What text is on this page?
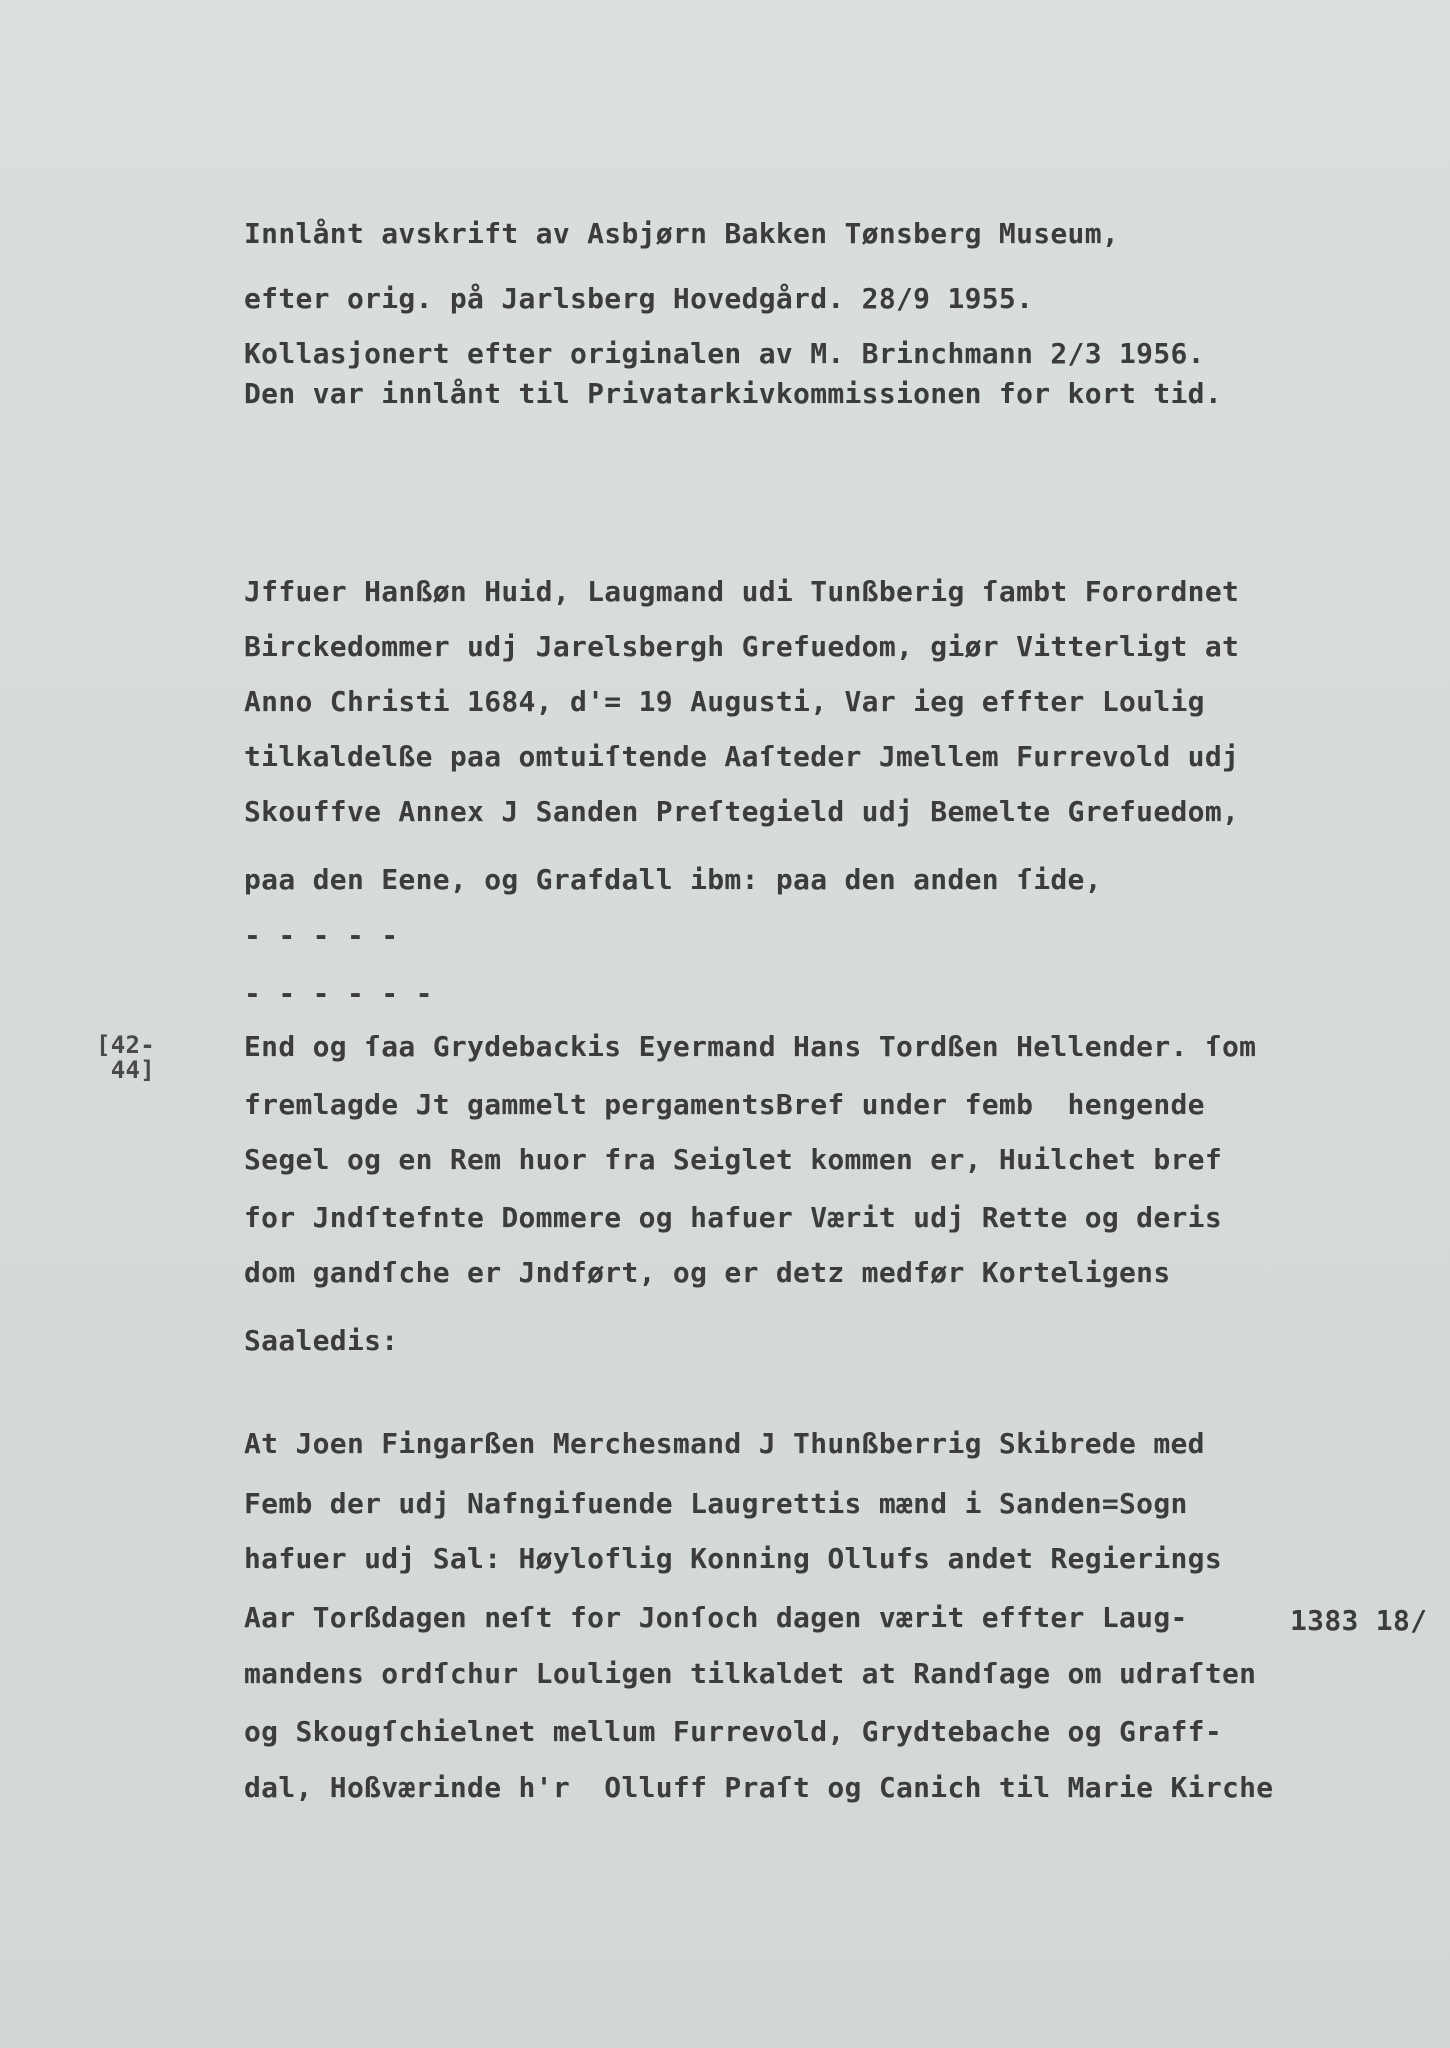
Innlånt avskrift av Asbjørn Bakken Tønsberg Museum,
efter orig. på Jarlsberg Hovedgård. 28/9 1955.
Kollasjonert efter originalen av M. Brinchmann 2/3 1956.
Den var innlånt til Privatarkivkommissionen for kort tid.
Jffuer Hanßøn Huid, Laugmand udi Tunßberig ſambt Forordnet
Birckedommer udj Jarelsbergh Grefuedom, giør Vitterligt at
Anno Christi 1684, d'= 19 Augusti, Var ieg effter Loulig
tilkaldelße paa omtuiſtende Aaſteder Jmellem Furrevold udj
Skouffve Annex J Sanden Preſtegield udj Bemelte Grefuedom,
paa den Eene, og Grafdall ibm: paa den anden ſide,
- - - - -
- - - - - -
[42-
44]
End og ſaa Grydebackis Eyermand Hans Tordßen Hellender. ſom
fremlagde Jt gammelt pergamentsBref under femb  hengende
Segel og en Rem huor fra Seiglet kommen er, Huilchet bref
for Jndſtefnte Dommere og hafuer Værit udj Rette og deris
dom gandſche er Jndført, og er detz medfør Korteligens
Saaledis:
At Joen Fingarßen Merchesmand J Thunßberrig Skibrede med
Femb der udj Nafngifuende Laugrettis mænd i Sanden=Sogn
hafuer udj Sal: Høyloflig Konning Ollufs andet Regierings
Aar Torßdagen neſt for Jonſoch dagen værit effter Laug-
mandens ordſchur Louligen tilkaldet at Randſage om udraſten
og Skougſchielnet mellum Furrevold, Grydtebache og Graff-
dal, Hoßværinde h'r  Olluff Praſt og Canich til Marie Kirche
1383 18/
